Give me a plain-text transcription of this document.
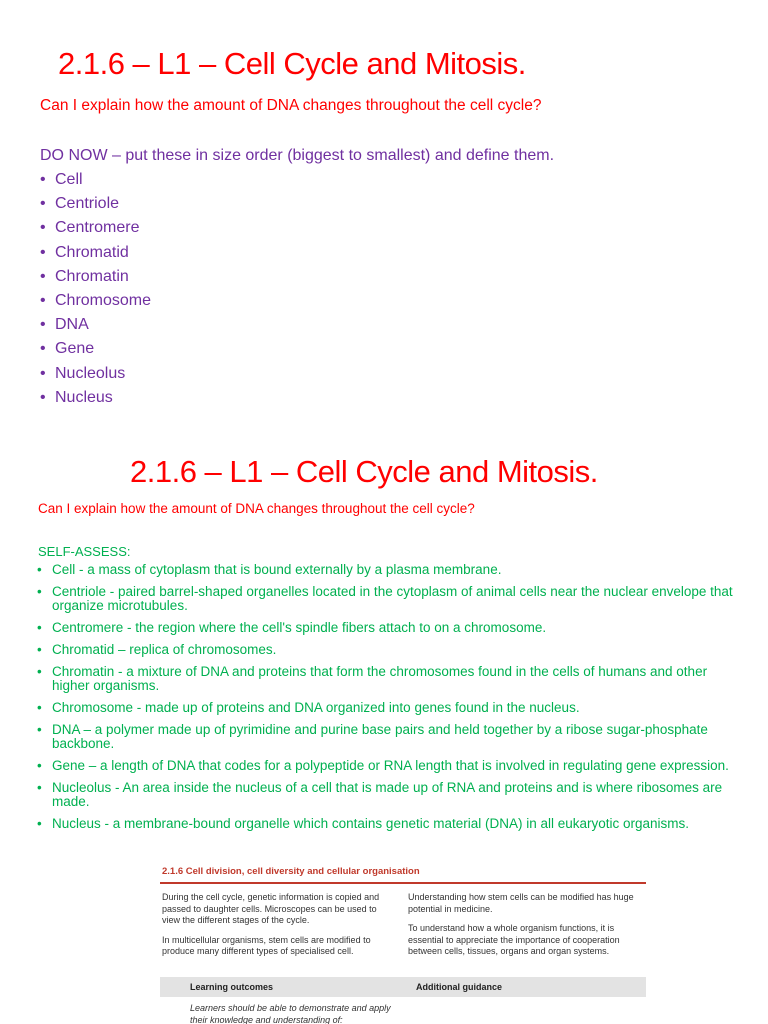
2.1.6 – L1 – Cell Cycle and Mitosis.

Can I explain how the amount of DNA changes throughout the cell cycle?

DO NOW – put these in size order (biggest to smallest) and define them.
• Cell
• Centriole
• Centromere
• Chromatid
• Chromatin
• Chromosome
• DNA
• Gene
• Nucleolus
• Nucleus
2.1.6 – L1 – Cell Cycle and Mitosis.

Can I explain how the amount of DNA changes throughout the cell cycle?

SELF-ASSESS:
• Cell - a mass of cytoplasm that is bound externally by a plasma membrane.
• Centriole - paired barrel-shaped organelles located in the cytoplasm of animal cells near the nuclear envelope that organize microtubules.
• Centromere - the region where the cell's spindle fibers attach to on a chromosome.
• Chromatid – replica of chromosomes.
• Chromatin - a mixture of DNA and proteins that form the chromosomes found in the cells of humans and other higher organisms.
• Chromosome - made up of proteins and DNA organized into genes found in the nucleus.
• DNA – a polymer made up of pyrimidine and purine base pairs and held together by a ribose sugar-phosphate backbone.
• Gene – a length of DNA that codes for a polypeptide or RNA length that is involved in regulating gene expression.
• Nucleolus - An area inside the nucleus of a cell that is made up of RNA and proteins and is where ribosomes are made.
• Nucleus - a membrane-bound organelle which contains genetic material (DNA) in all eukaryotic organisms.
2.1.6 Cell division, cell diversity and cellular organisation

During the cell cycle, genetic information is copied and passed to daughter cells. Microscopes can be used to view the different stages of the cycle.

In multicellular organisms, stem cells are modified to produce many different types of specialised cell.

Understanding how stem cells can be modified has huge potential in medicine.

To understand how a whole organism functions, it is essential to appreciate the importance of cooperation between cells, tissues, organs and organ systems.

Learning outcomes	Additional guidance
Learners should be able to demonstrate and apply their knowledge and understanding of:
